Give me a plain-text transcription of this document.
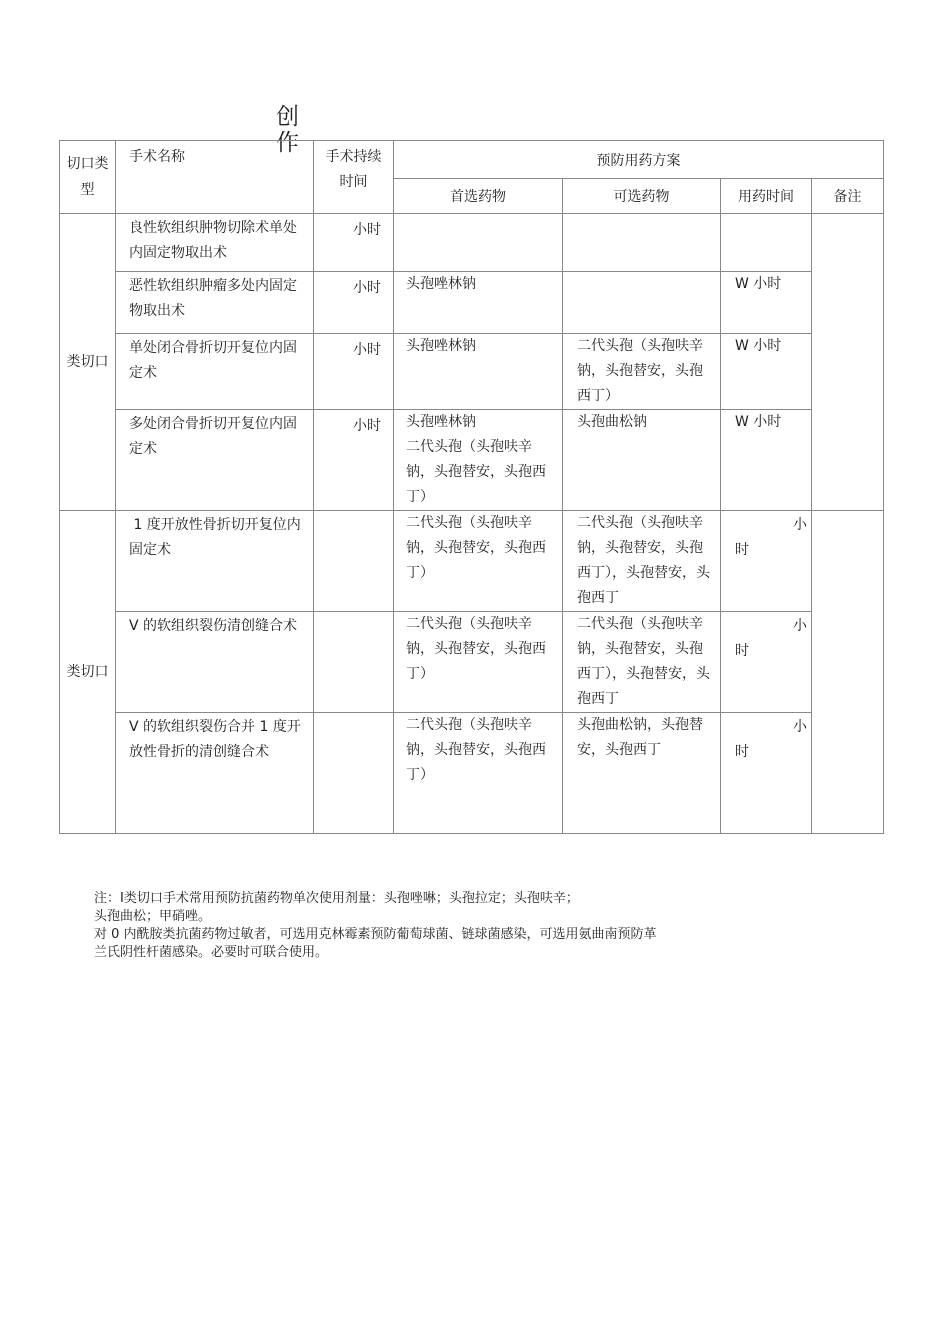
创作
切口类型	手术名称	手术持续时间	预防用药方案			
			首选药物	可选药物	用药时间	备注
类切口	良性软组织肿物切除术单处内固定物取出术	小时				
	恶性软组织肿瘤多处内固定物取出术	小时	头孢唑林钠		W 小时	
	单处闭合骨折切开复位内固定术	小时	头孢唑林钠	二代头孢（头孢呋辛钠，头孢替安，头孢西丁）	W 小时	
	多处闭合骨折切开复位内固定术	小时	头孢唑林钠
二代头孢（头孢呋辛钠，头孢替安，头孢西丁）	头孢曲松钠	W 小时	
类切口	1 度开放性骨折切开复位内固定术		二代头孢（头孢呋辛钠，头孢替安，头孢西丁）	二代头孢（头孢呋辛钠，头孢替安，头孢西丁），头孢替安，头孢西丁	小
时	

	V 的软组织裂伤清创缝合术		二代头孢（头孢呋辛钠，头孢替安，头孢西丁）	二代头孢（头孢呋辛钠，头孢替安，头孢西丁），头孢替安，头孢西丁	小
时	

	V 的软组织裂伤合并 1 度开放性骨折的清创缝合术		二代头孢（头孢呋辛钠，头孢替安，头孢西丁）	头孢曲松钠，头孢替安，头孢西丁	小
时	
注：Ⅰ类切口手术常用预防抗菌药物单次使用剂量：头孢唑啉；头孢拉定；头孢呋辛；
头孢曲松；甲硝唑。
对 0 内酰胺类抗菌药物过敏者，可选用克林霉素预防葡萄球菌、链球菌感染，可选用氨曲南预防革
兰氏阴性杆菌感染。必要时可联合使用。
